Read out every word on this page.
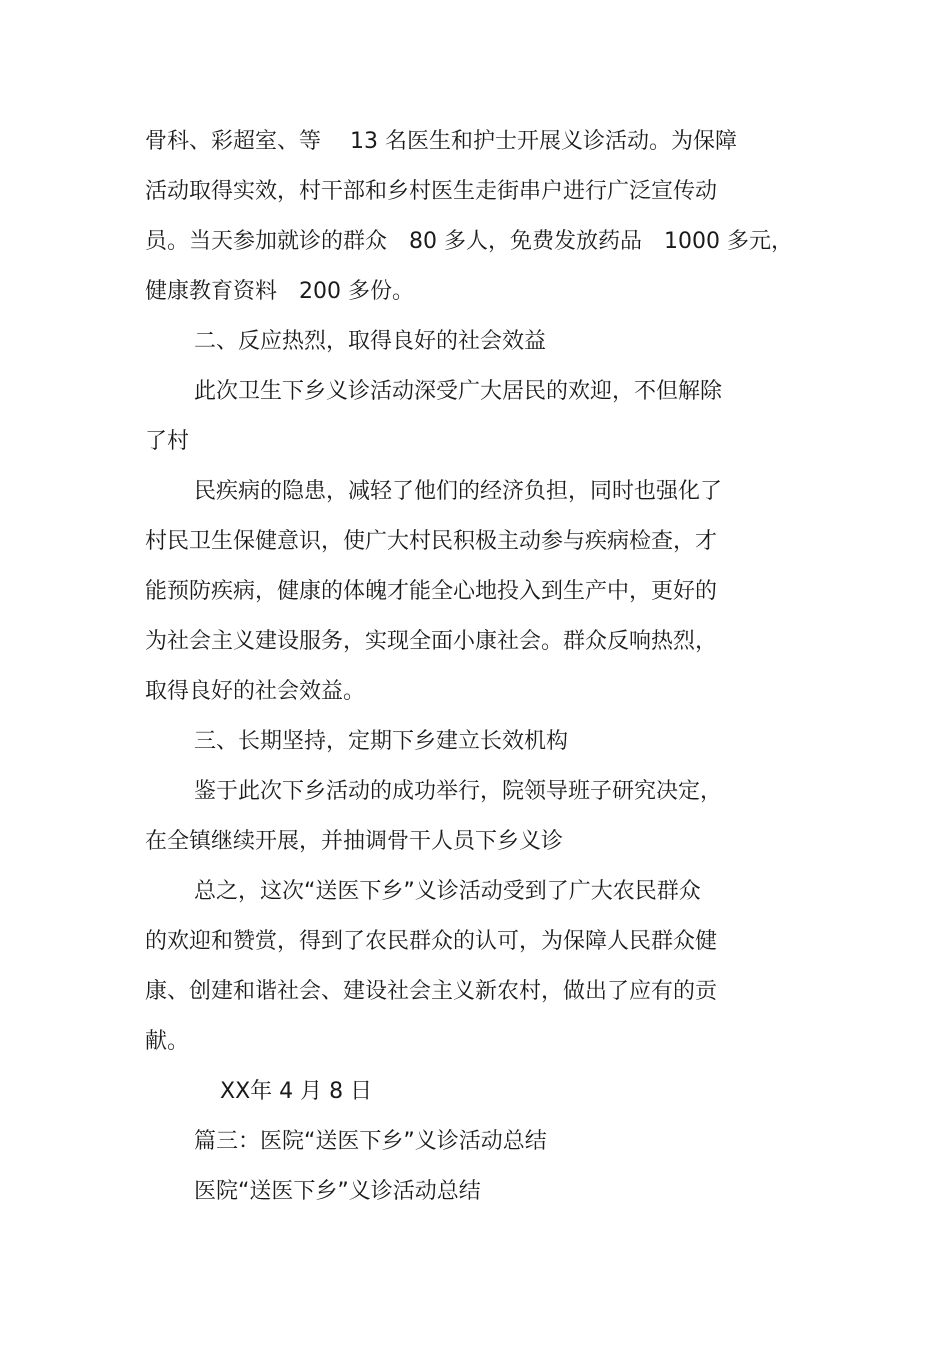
骨科、彩超室、等　 13 名医生和护士开展义诊活动。为保障

活动取得实效，村干部和乡村医生走街串户进行广泛宣传动

员。当天参加就诊的群众　80 多人，免费发放药品　1000 多元，

健康教育资料　200 多份。

二、反应热烈，取得良好的社会效益

此次卫生下乡义诊活动深受广大居民的欢迎，不但解除

了村

民疾病的隐患，减轻了他们的经济负担，同时也强化了

村民卫生保健意识，使广大村民积极主动参与疾病检查，才

能预防疾病，健康的体魄才能全心地投入到生产中，更好的

为社会主义建设服务，实现全面小康社会。群众反响热烈，

取得良好的社会效益。

三、长期坚持，定期下乡建立长效机构

鉴于此次下乡活动的成功举行，院领导班子研究决定，

在全镇继续开展，并抽调骨干人员下乡义诊

总之，这次“送医下乡”义诊活动受到了广大农民群众

的欢迎和赞赏，得到了农民群众的认可，为保障人民群众健

康、创建和谐社会、建设社会主义新农村，做出了应有的贡

献。

XX年 4 月 8 日

篇三：医院“送医下乡”义诊活动总结

医院“送医下乡”义诊活动总结
